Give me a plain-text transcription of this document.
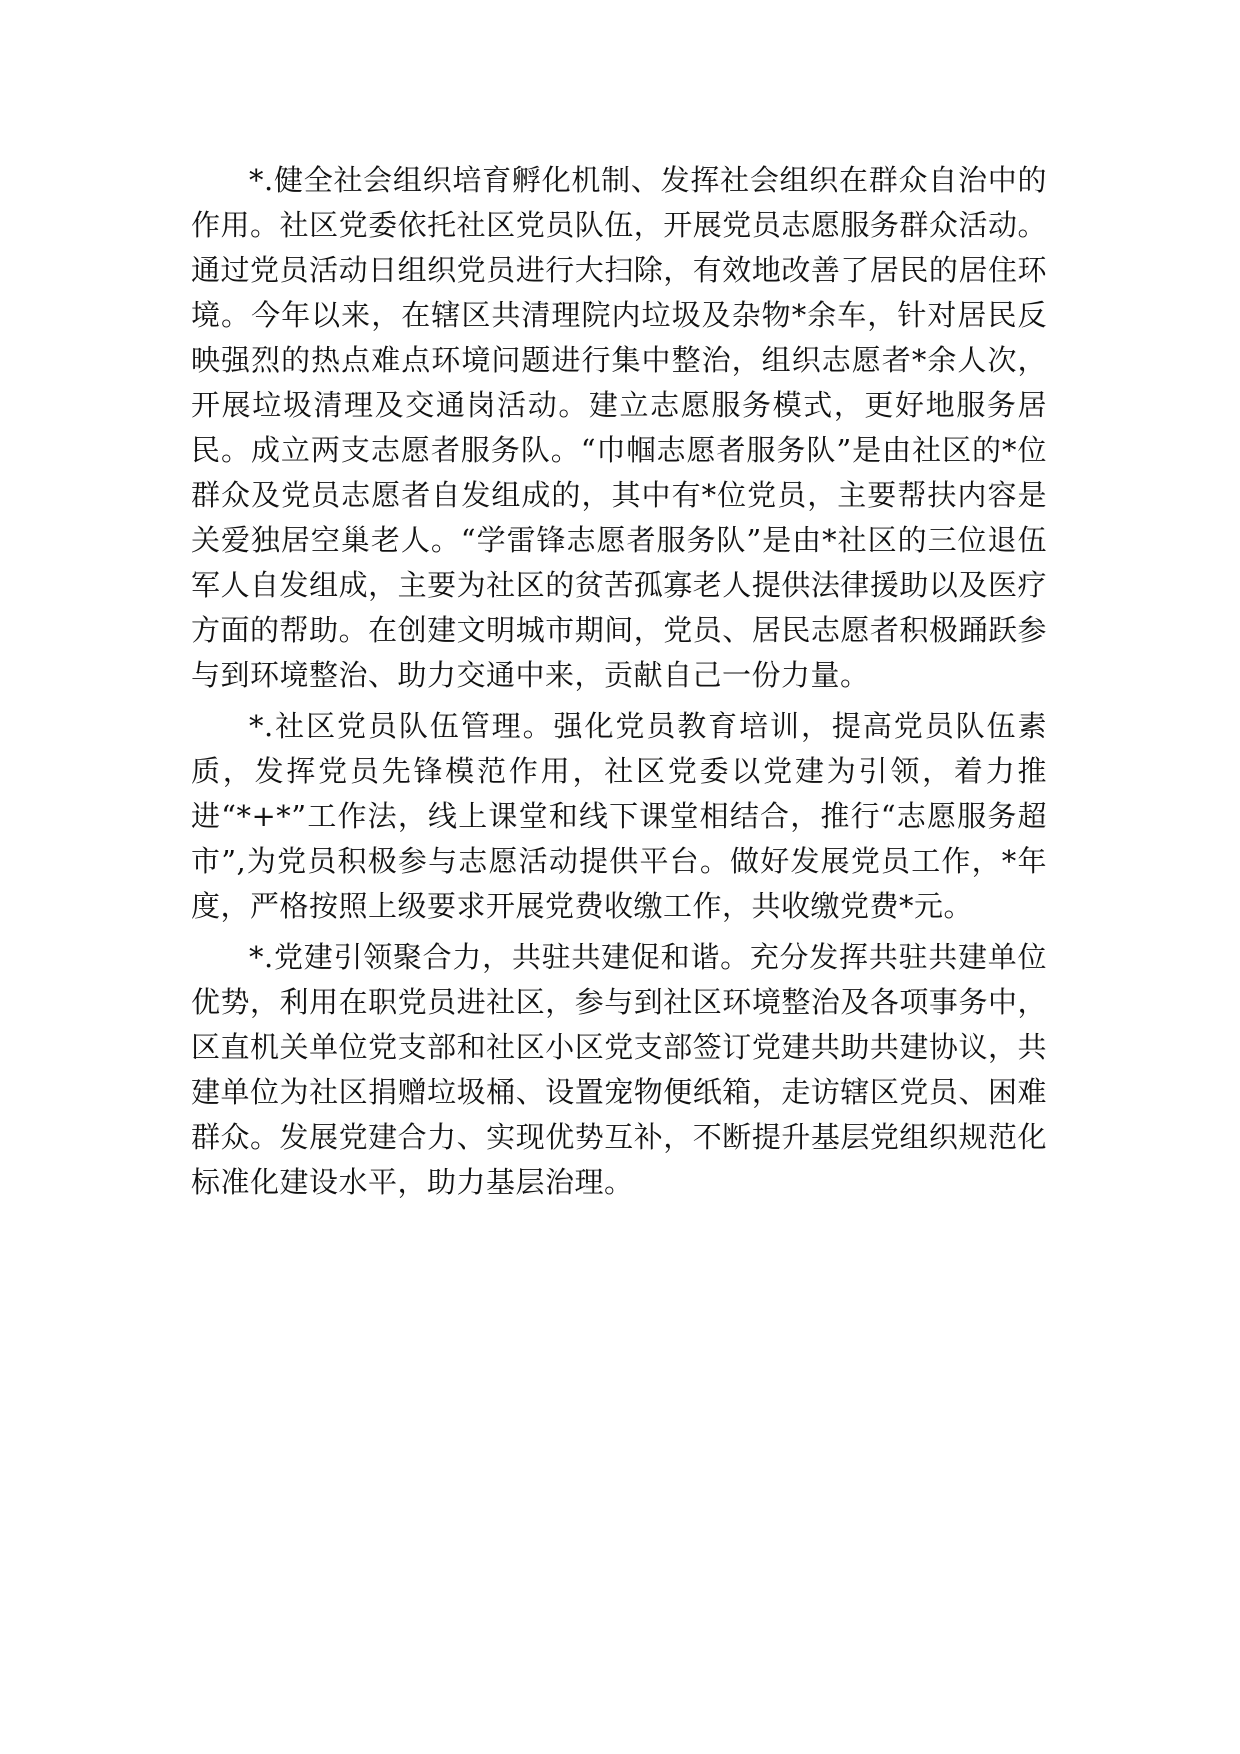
*.健全社会组织培育孵化机制、发挥社会组织在群众自治中的作用。社区党委依托社区党员队伍，开展党员志愿服务群众活动。通过党员活动日组织党员进行大扫除，有效地改善了居民的居住环境。今年以来，在辖区共清理院内垃圾及杂物*余车，针对居民反映强烈的热点难点环境问题进行集中整治，组织志愿者*余人次，开展垃圾清理及交通岗活动。建立志愿服务模式，更好地服务居民。成立两支志愿者服务队。“巾帼志愿者服务队”是由社区的*位群众及党员志愿者自发组成的，其中有*位党员，主要帮扶内容是关爱独居空巢老人。“学雷锋志愿者服务队”是由*社区的三位退伍军人自发组成，主要为社区的贫苦孤寡老人提供法律援助以及医疗方面的帮助。在创建文明城市期间，党员、居民志愿者积极踊跃参与到环境整治、助力交通中来，贡献自己一份力量。

*.社区党员队伍管理。强化党员教育培训，提高党员队伍素质，发挥党员先锋模范作用，社区党委以党建为引领，着力推进“*+*”工作法，线上课堂和线下课堂相结合，推行“志愿服务超市”,为党员积极参与志愿活动提供平台。做好发展党员工作，*年度，严格按照上级要求开展党费收缴工作，共收缴党费*元。

*.党建引领聚合力，共驻共建促和谐。充分发挥共驻共建单位优势，利用在职党员进社区，参与到社区环境整治及各项事务中，区直机关单位党支部和社区小区党支部签订党建共助共建协议，共建单位为社区捐赠垃圾桶、设置宠物便纸箱，走访辖区党员、困难群众。发展党建合力、实现优势互补，不断提升基层党组织规范化标准化建设水平，助力基层治理。
